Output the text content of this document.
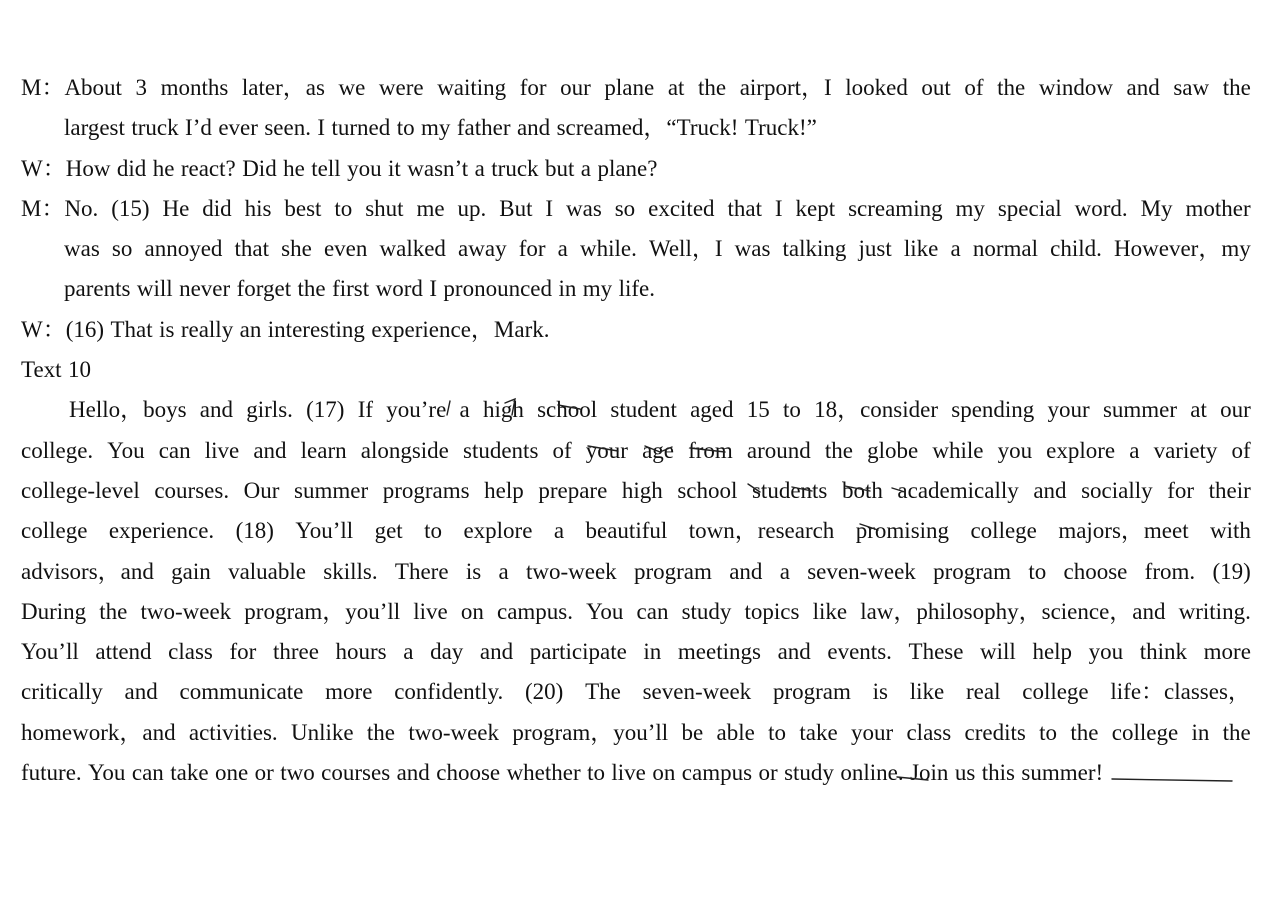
M：About 3 months later，as we were waiting for our plane at the airport，I looked out of the window and saw the
largest truck I’d ever seen. I turned to my father and screamed，“Truck! Truck!”
W：How did he react? Did he tell you it wasn’t a truck but a plane?
M：No. (15) He did his best to shut me up. But I was so excited that I kept screaming my special word. My mother
was so annoyed that she even walked away for a while. Well，I was talking just like a normal child. However，my
parents will never forget the first word I pronounced in my life.
W：(16) That is really an interesting experience，Mark.
Text 10
Hello，boys and girls. (17) If you’re a high school student aged 15 to 18，consider spending your summer at our
college. You can live and learn alongside students of your age from around the globe while you explore a variety of
college-level courses. Our summer programs help prepare high school students both academically and socially for their
college experience. (18) You’ll get to explore a beautiful town，research promising college majors，meet with
advisors，and gain valuable skills. There is a two-week program and a seven-week program to choose from. (19)
During the two-week program，you’ll live on campus. You can study topics like law，philosophy，science，and writing.
You’ll attend class for three hours a day and participate in meetings and events. These will help you think more
critically and communicate more confidently. (20) The seven-week program is like real college life：classes，
homework，and activities. Unlike the two-week program，you’ll be able to take your class credits to the college in the
future. You can take one or two courses and choose whether to live on campus or study online. Join us this summer!
